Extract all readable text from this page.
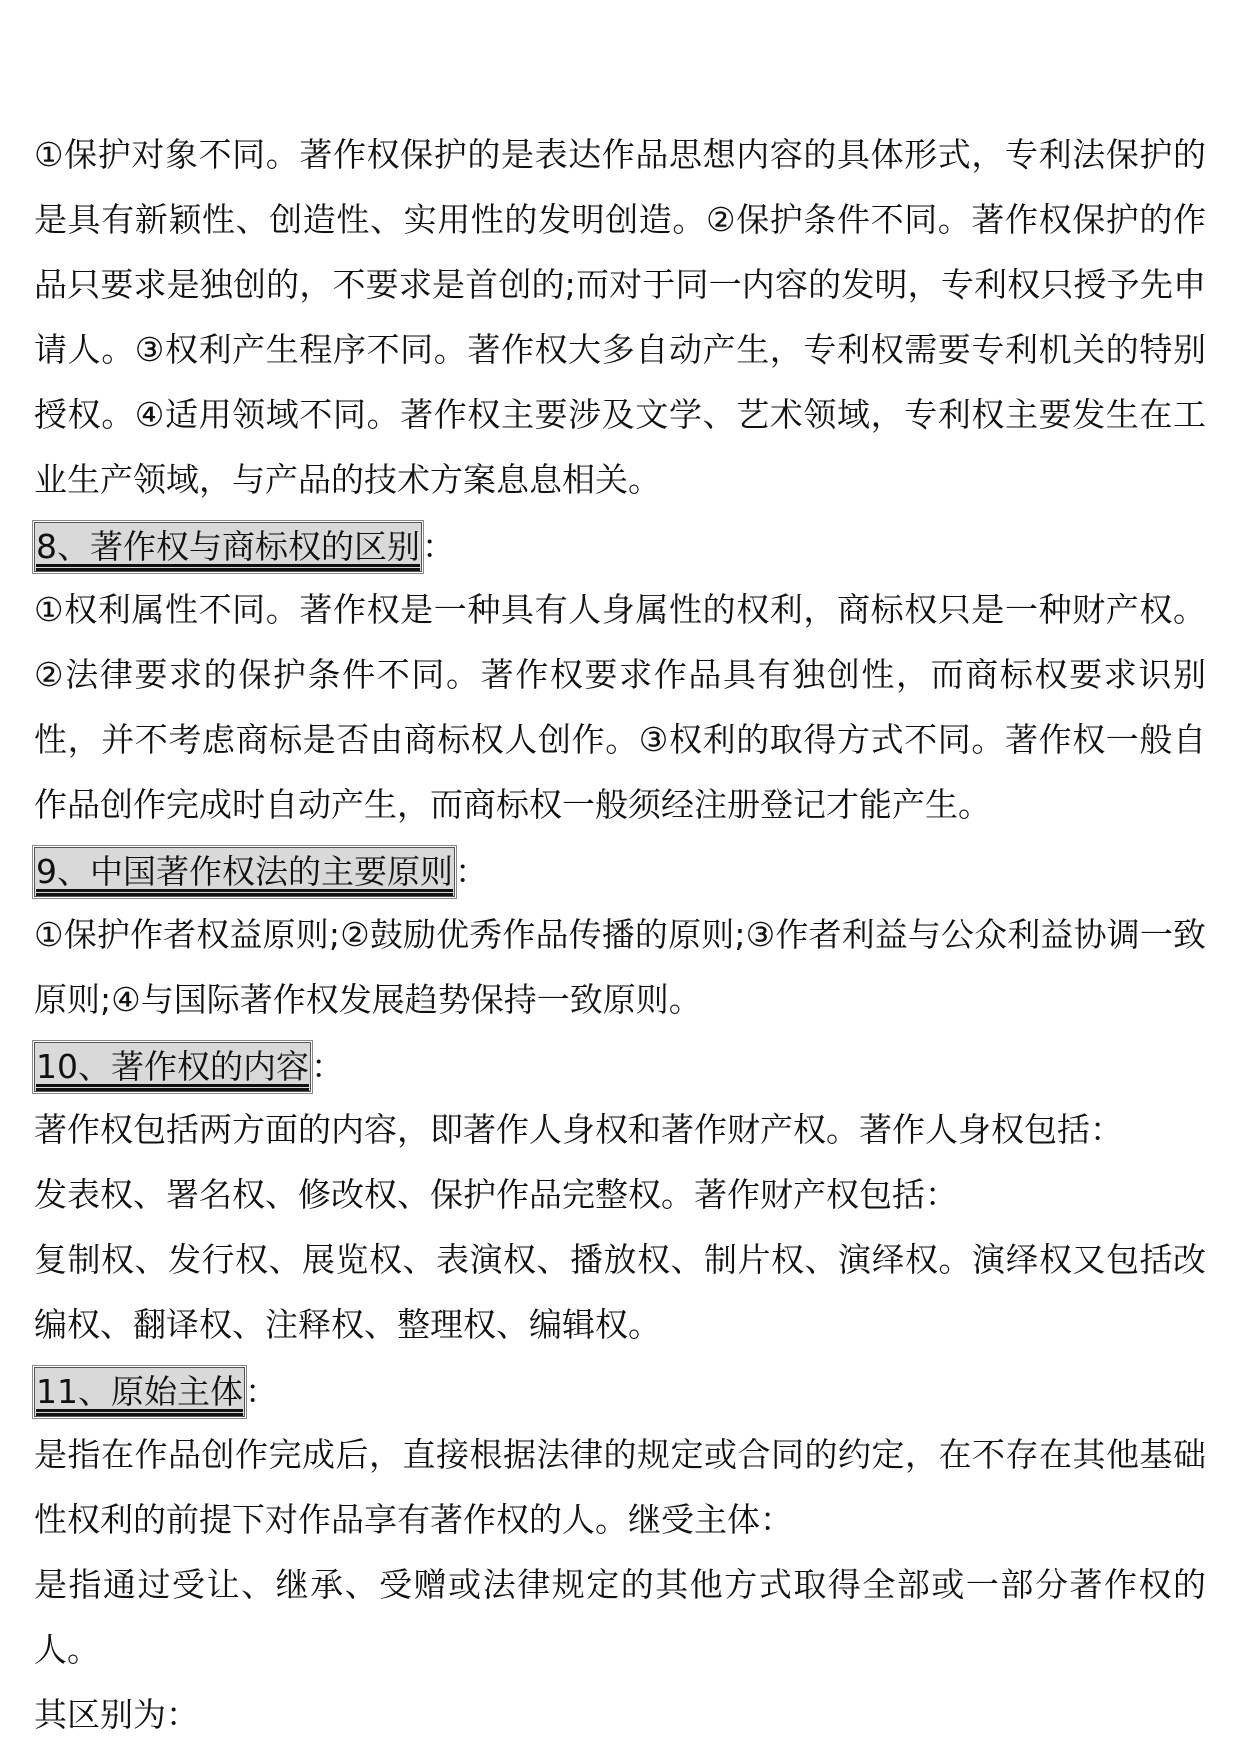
①保护对象不同。著作权保护的是表达作品思想内容的具体形式，专利法保护的是具有新颖性、创造性、实用性的发明创造。②保护条件不同。著作权保护的作品只要求是独创的，不要求是首创的;而对于同一内容的发明，专利权只授予先申请人。③权利产生程序不同。著作权大多自动产生，专利权需要专利机关的特别授权。④适用领域不同。著作权主要涉及文学、艺术领域，专利权主要发生在工业生产领域，与产品的技术方案息息相关。

8、著作权与商标权的区别：

①权利属性不同。著作权是一种具有人身属性的权利，商标权只是一种财产权。②法律要求的保护条件不同。著作权要求作品具有独创性，而商标权要求识别性，并不考虑商标是否由商标权人创作。③权利的取得方式不同。著作权一般自作品创作完成时自动产生，而商标权一般须经注册登记才能产生。

9、中国著作权法的主要原则：

①保护作者权益原则;②鼓励优秀作品传播的原则;③作者利益与公众利益协调一致原则;④与国际著作权发展趋势保持一致原则。

10、著作权的内容：

著作权包括两方面的内容，即著作人身权和著作财产权。著作人身权包括：

发表权、署名权、修改权、保护作品完整权。著作财产权包括：

复制权、发行权、展览权、表演权、播放权、制片权、演绎权。演绎权又包括改编权、翻译权、注释权、整理权、编辑权。

11、原始主体：

是指在作品创作完成后，直接根据法律的规定或合同的约定，在不存在其他基础性权利的前提下对作品享有著作权的人。继受主体：

是指通过受让、继承、受赠或法律规定的其他方式取得全部或一部分著作权的人。

其区别为：
